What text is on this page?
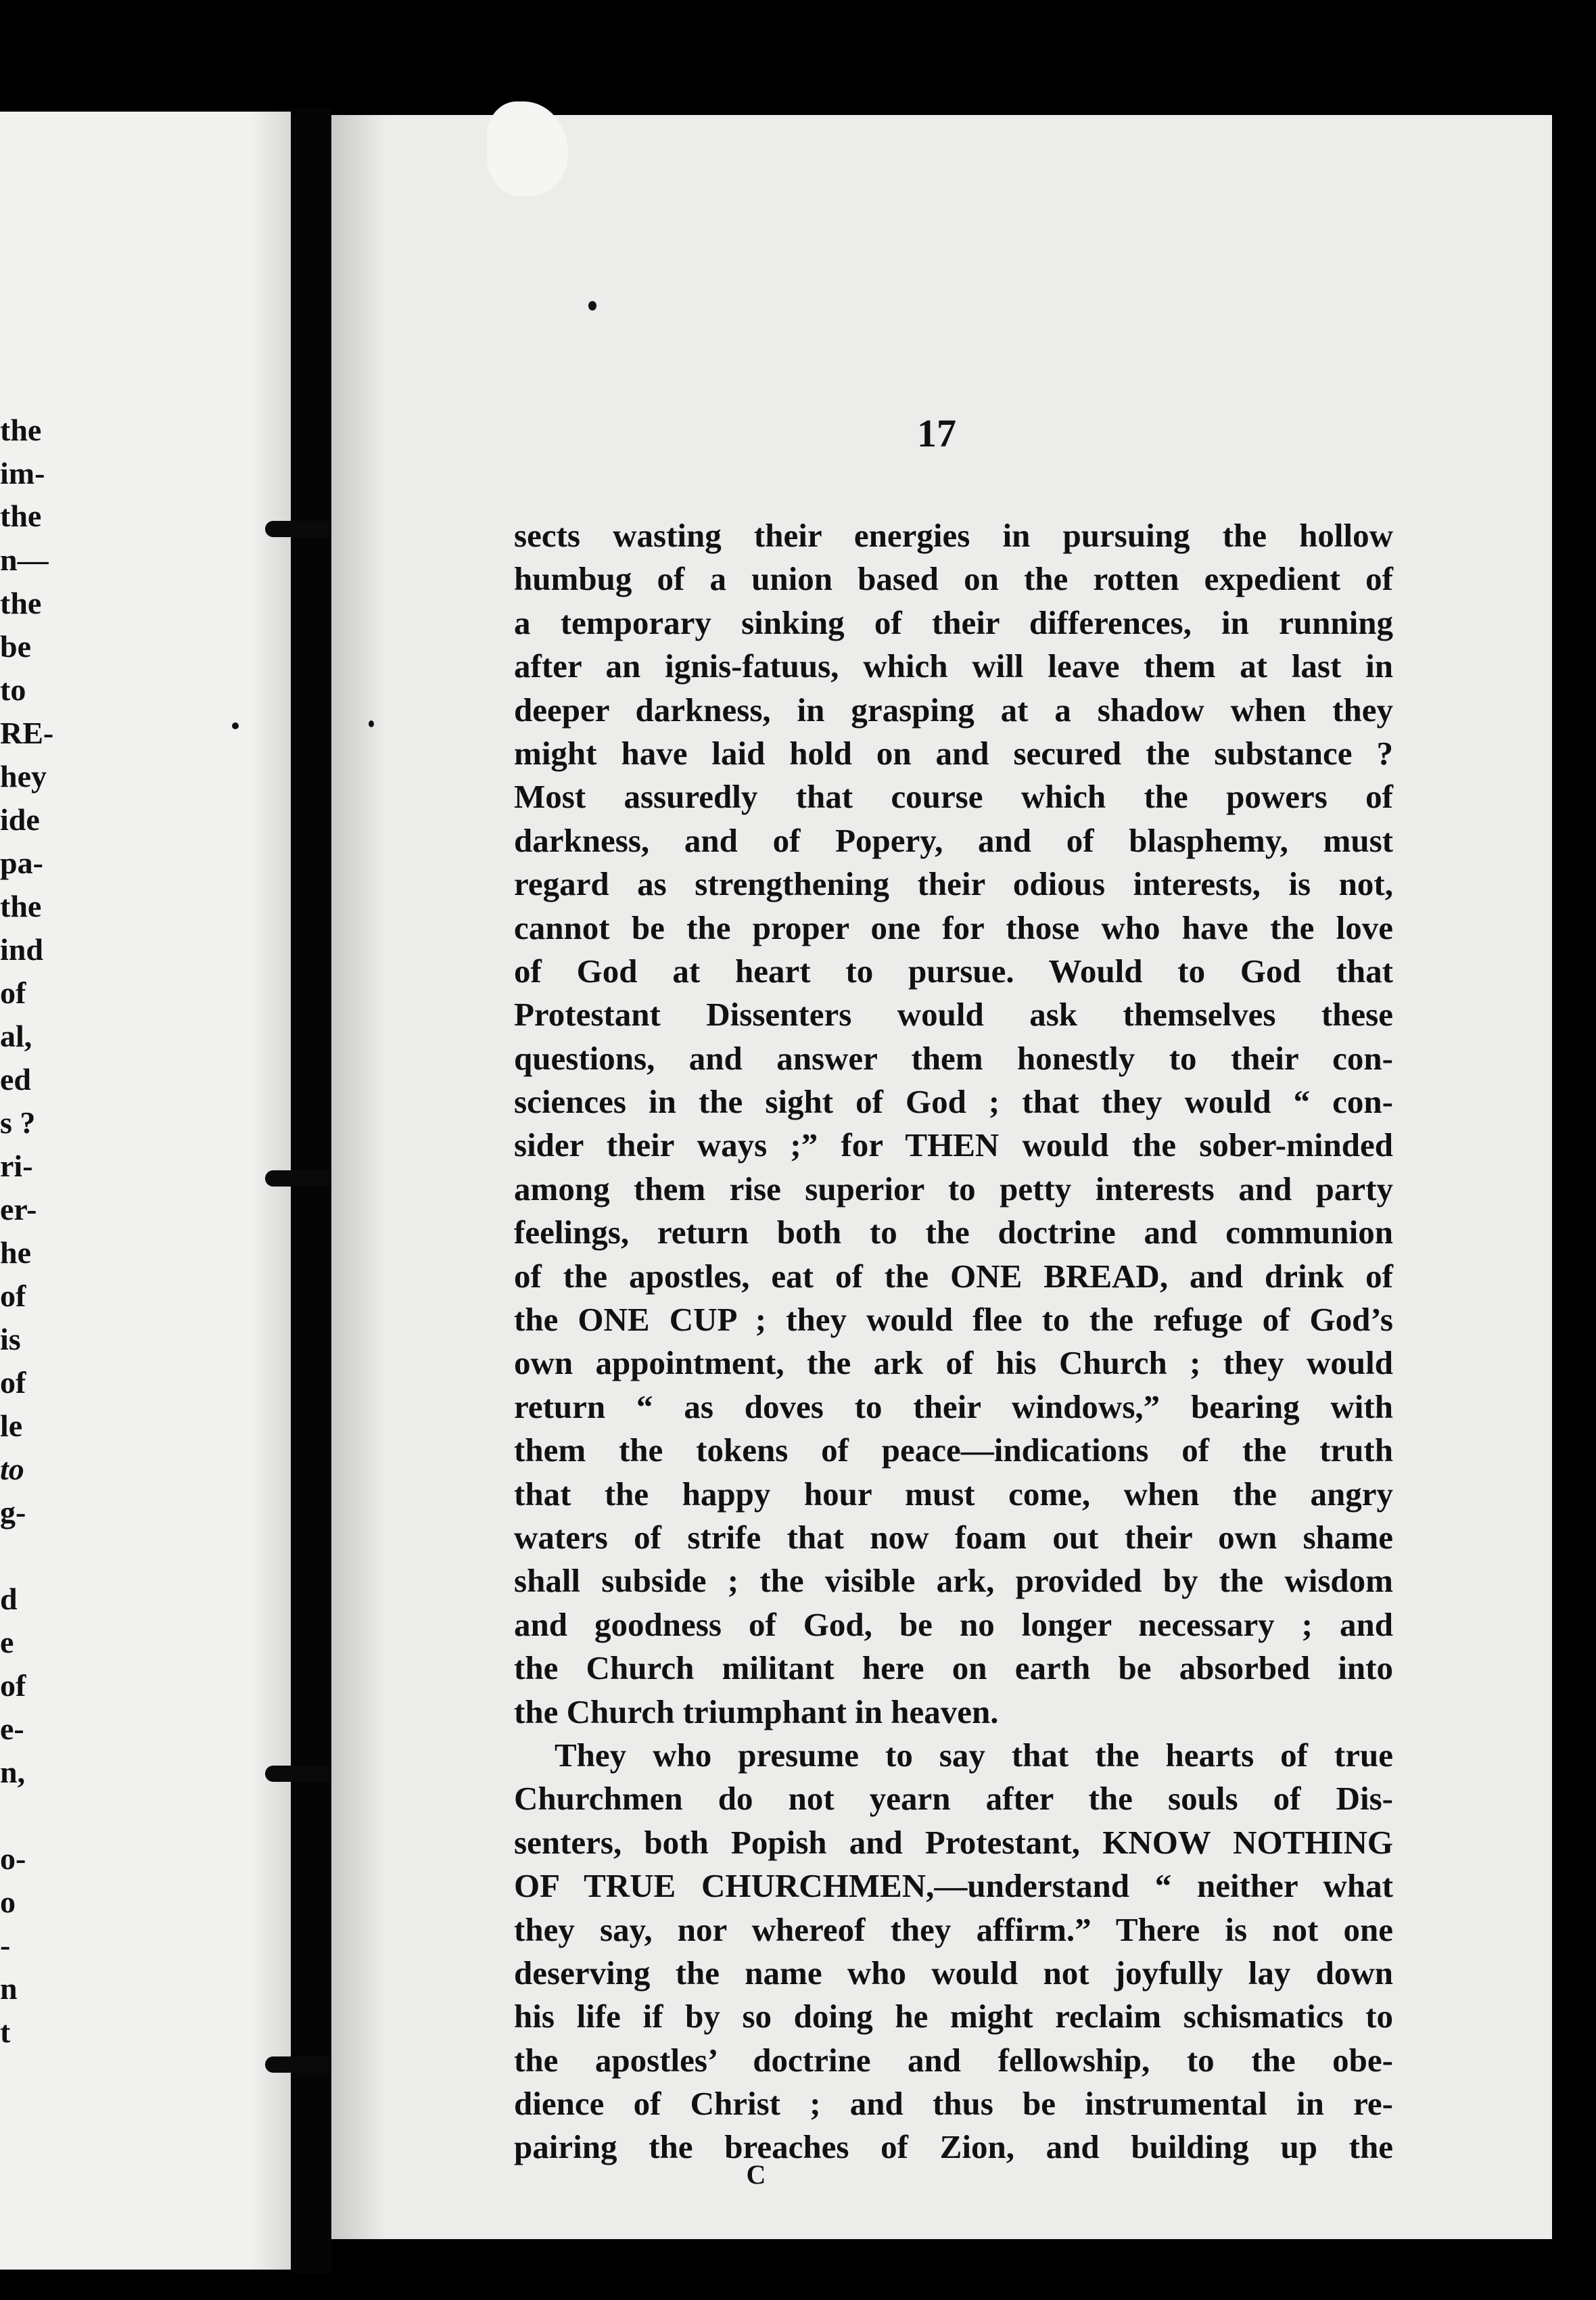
the
im-
the
n—
the
be
to
RE-
hey
ide
pa-
the
ind
of
al,
ed
s ?
ri-
er-
he
of
is
of
le
to
g-
d
e
of
e-
n,
o-
o
-
n
t
17
sects wasting their energies in pursuing the hollow
humbug of a union based on the rotten expedient of
a temporary sinking of their differences, in running
after an ignis-fatuus, which will leave them at last in
deeper darkness, in grasping at a shadow when they
might have laid hold on and secured the substance ?
Most assuredly that course which the powers of
darkness, and of Popery, and of blasphemy, must
regard as strengthening their odious interests, is not,
cannot be the proper one for those who have the love
of God at heart to pursue. Would to God that
Protestant Dissenters would ask themselves these
questions, and answer them honestly to their con-
sciences in the sight of God ; that they would “ con-
sider their ways ;” for THEN would the sober-minded
among them rise superior to petty interests and party
feelings, return both to the doctrine and communion
of the apostles, eat of the ONE BREAD, and drink of
the ONE CUP ; they would flee to the refuge of God’s
own appointment, the ark of his Church ; they would
return “ as doves to their windows,” bearing with
them the tokens of peace—indications of the truth
that the happy hour must come, when the angry
waters of strife that now foam out their own shame
shall subside ; the visible ark, provided by the wisdom
and goodness of God, be no longer necessary ; and
the Church militant here on earth be absorbed into
the Church triumphant in heaven.
They who presume to say that the hearts of true
Churchmen do not yearn after the souls of Dis-
senters, both Popish and Protestant, KNOW NOTHING
OF TRUE CHURCHMEN,—understand “ neither what
they say, nor whereof they affirm.” There is not one
deserving the name who would not joyfully lay down
his life if by so doing he might reclaim schismatics to
the apostles’ doctrine and fellowship, to the obe-
dience of Christ ; and thus be instrumental in re-
pairing the breaches of Zion, and building up the
C
